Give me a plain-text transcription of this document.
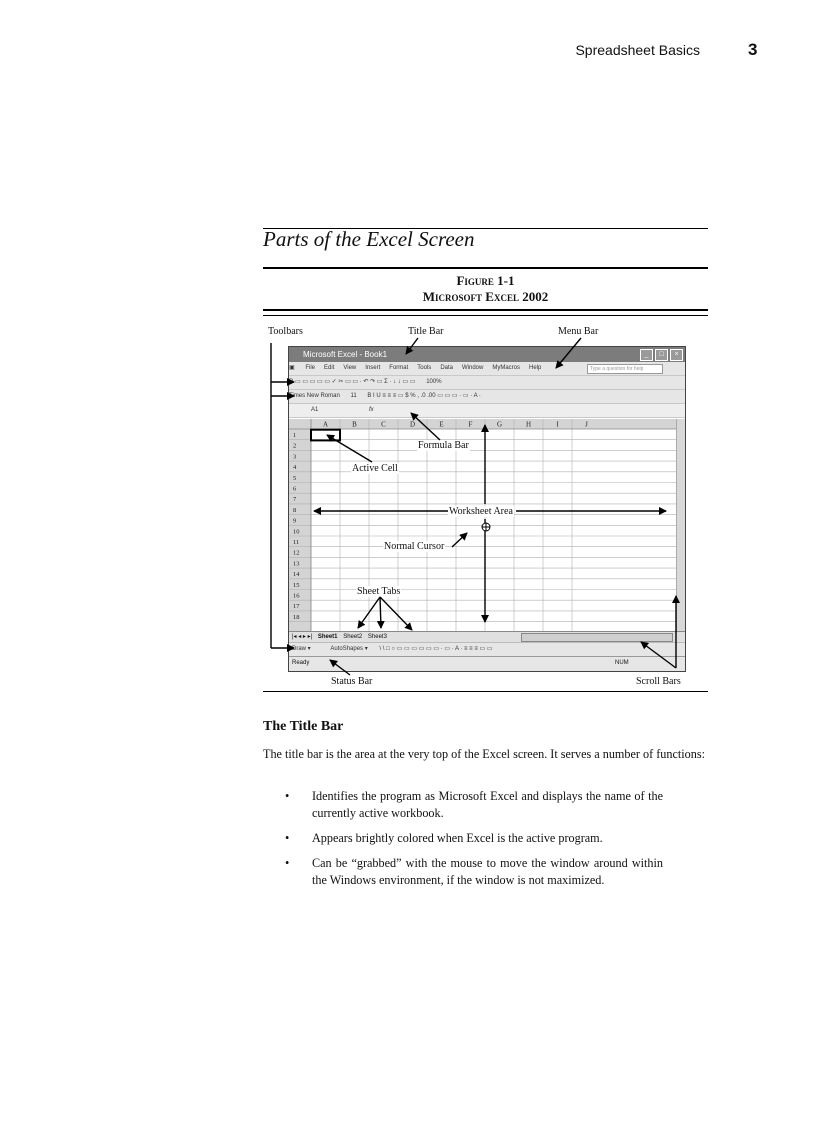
Spreadsheet Basics	3
Parts of the Excel Screen
Figure 1-1
Microsoft Excel 2002
Toolbars	Title Bar	Menu Bar
Microsoft Excel - Book1	_	□	×
▣ File Edit View Insert Format Tools Data Window MyMacros Help	Type a question for help
D ▭ ▭ ▭ ▭ ▭ ✓ ✂ ▭ ▭ · ↶ ↷ ▭ Σ · ↓ ↓ ▭ ▭ 100%
Times New Roman 11 B I U ≡ ≡ ≡ ▭ $ % , .0 .00 ▭ ▭ ▭ · ▭ · A ·
A1	fx
A	B	C	D	E	F	G	H	I	J
1
2
3
4
5
6
7
8
9
10
11
12
13
14
15
16
17
18
|◂ ◂ ▸ ▸| Sheet1 Sheet2 Sheet3
Draw ▾	AutoShapes ▾ \ \ □ ○ ▭ ▭ ▭ ▭ ▭ ▭ · ▭ · A · ≡ ≡ ≡ ▭ ▭
Ready	NUM
Formula Bar
Active Cell
Worksheet Area
Normal Cursor
Sheet Tabs
Status Bar	Scroll Bars
The Title Bar
The title bar is the area at the very top of the Excel screen. It serves a number of functions:
• Identifies the program as Microsoft Excel and displays the name of the currently active workbook.
• Appears brightly colored when Excel is the active program.
• Can be “grabbed” with the mouse to move the window around within the Windows environment, if the window is not maximized.
